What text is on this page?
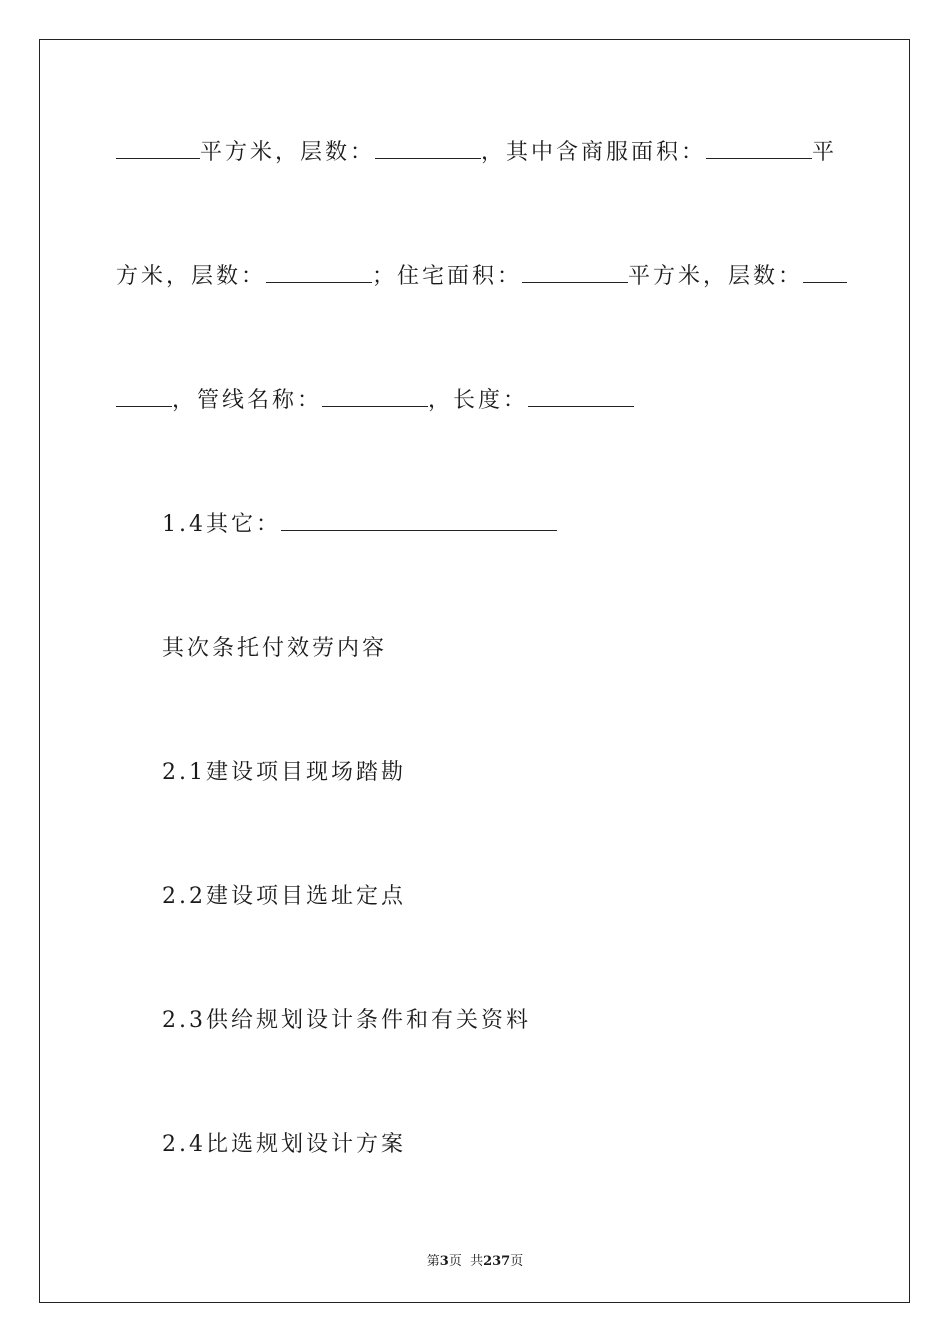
平方米，层数：	，其中含商服面积：	平
方米，层数：	；住宅面积：	平方米，层数：
，管线名称：	，长度：
1.4其它：
其次条托付效劳内容
2.1建设项目现场踏勘
2.2建设项目选址定点
2.3供给规划设计条件和有关资料
2.4比选规划设计方案
第3页  共237页
